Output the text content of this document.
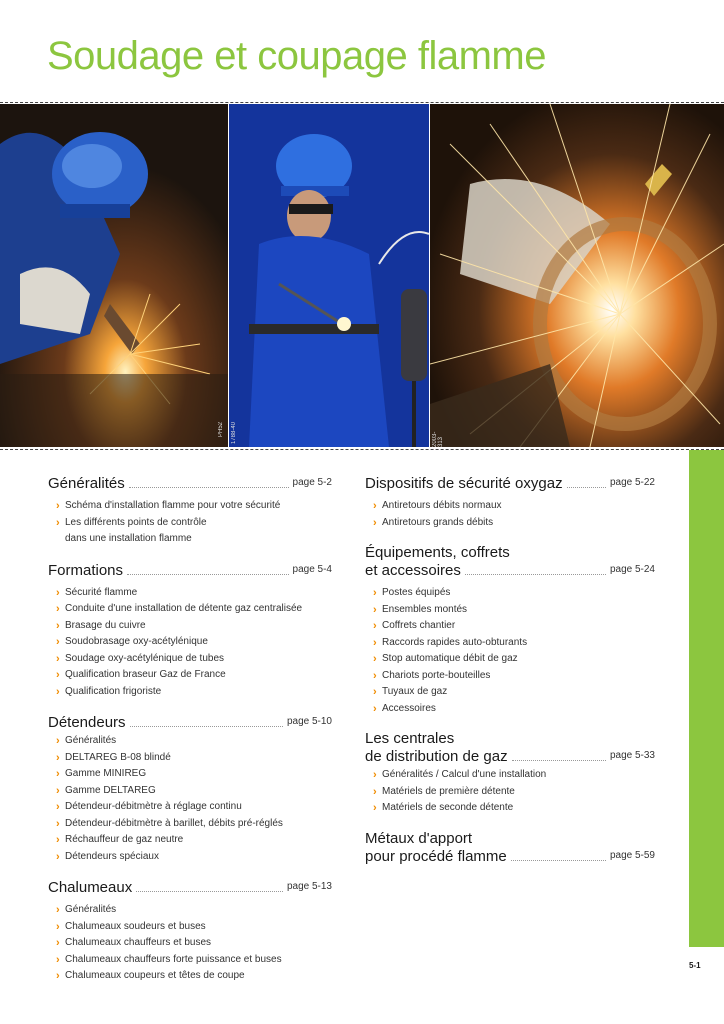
Soudage et coupage flamme
PH52 1788-40	2003-313
Généralités	page 5-2
› Schéma d'installation flamme pour votre sécurité
› Les différents points de contrôle
dans une installation flamme
Formations	page 5-4
› Sécurité flamme
› Conduite d'une installation de détente gaz centralisée
› Brasage du cuivre
› Soudobrasage oxy-acétylénique
› Soudage oxy-acétylénique de tubes
› Qualification braseur Gaz de France
› Qualification frigoriste
Détendeurs	page 5-10
› Généralités
› DELTAREG B-08 blindé
› Gamme MINIREG
› Gamme DELTAREG
› Détendeur-débitmètre à réglage continu
› Détendeur-débitmètre à barillet, débits pré-réglés
› Réchauffeur de gaz neutre
› Détendeurs spéciaux
Chalumeaux	page 5-13
› Généralités
› Chalumeaux soudeurs et buses
› Chalumeaux chauffeurs et buses
› Chalumeaux chauffeurs forte puissance et buses
› Chalumeaux coupeurs et têtes de coupe
Dispositifs de sécurité oxygaz	page 5-22
› Antiretours débits normaux
› Antiretours grands débits
Équipements, coffrets
et accessoires	page 5-24
› Postes équipés
› Ensembles montés
› Coffrets chantier
› Raccords rapides auto-obturants
› Stop automatique débit de gaz
› Chariots porte-bouteilles
› Tuyaux de gaz
› Accessoires
Les centrales
de distribution de gaz	page 5-33
› Généralités / Calcul d'une installation
› Matériels de première détente
› Matériels de seconde détente
Métaux d'apport
pour procédé flamme	page 5-59
5-1
